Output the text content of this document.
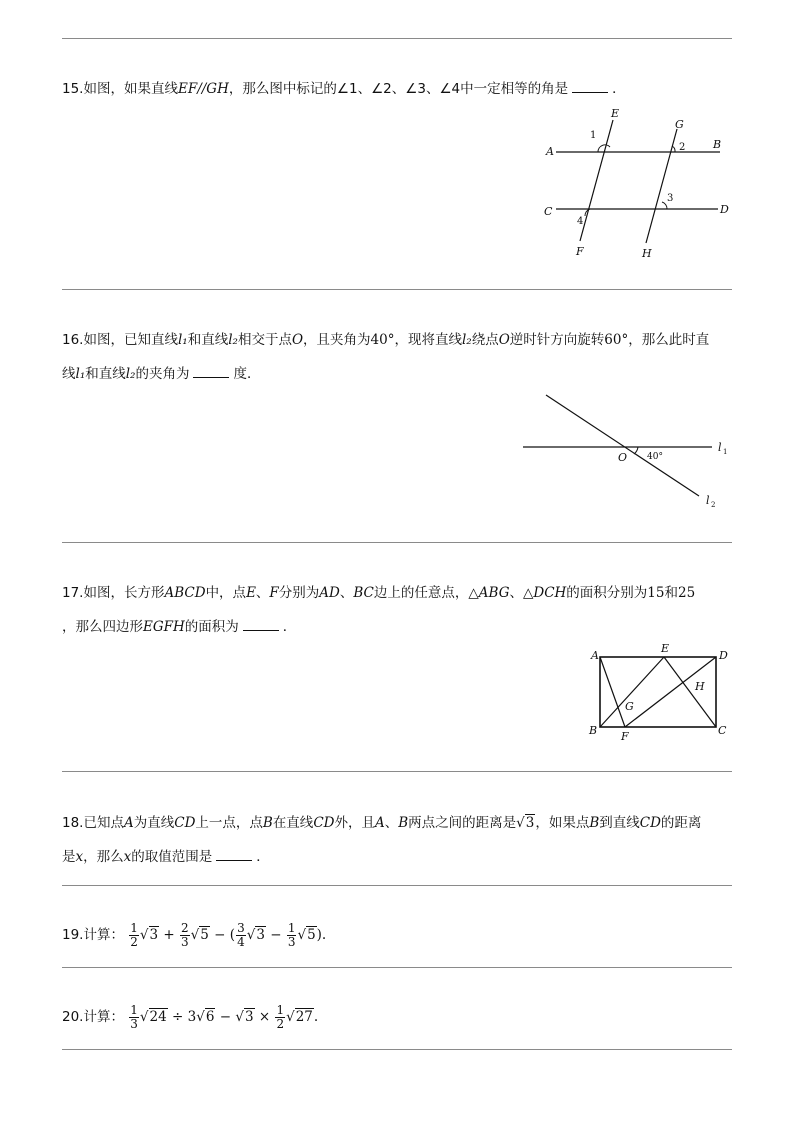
15.如图，如果直线EF//GH，那么图中标记的∠1、∠2、∠3、∠4中一定相等的角是	．
A
B
C	D
E
F
G
H
1
2
3
4
16.如图，已知直线l₁和直线l₂相交于点O，且夹角为40°，现将直线l₂绕点O逆时针方向旋转60°，那么此时直
线l₁和直线l₂的夹角为	度．
O 40°
l 1
l 2
17.如图，长方形ABCD中，点E、F分别为AD、BC边上的任意点，△ABG、△DCH的面积分别为15和25
，那么四边形EGFH的面积为	．
A
B	C
D
E
F
G
H
18.已知点A为直线CD上一点，点B在直线CD外，且A、B两点之间的距离是√3，如果点B到直线CD的距离
是x，那么x的取值范围是	．
19.计算： $\frac{1}{2} √3 + \frac{2}{3} √5$ − ( $\frac{3}{4} √3 - \frac{1}{3} √5$).
20.计算： $\frac{1}{3} √24 \div 3√6 - √3 \times \frac{1}{2} √27$.
